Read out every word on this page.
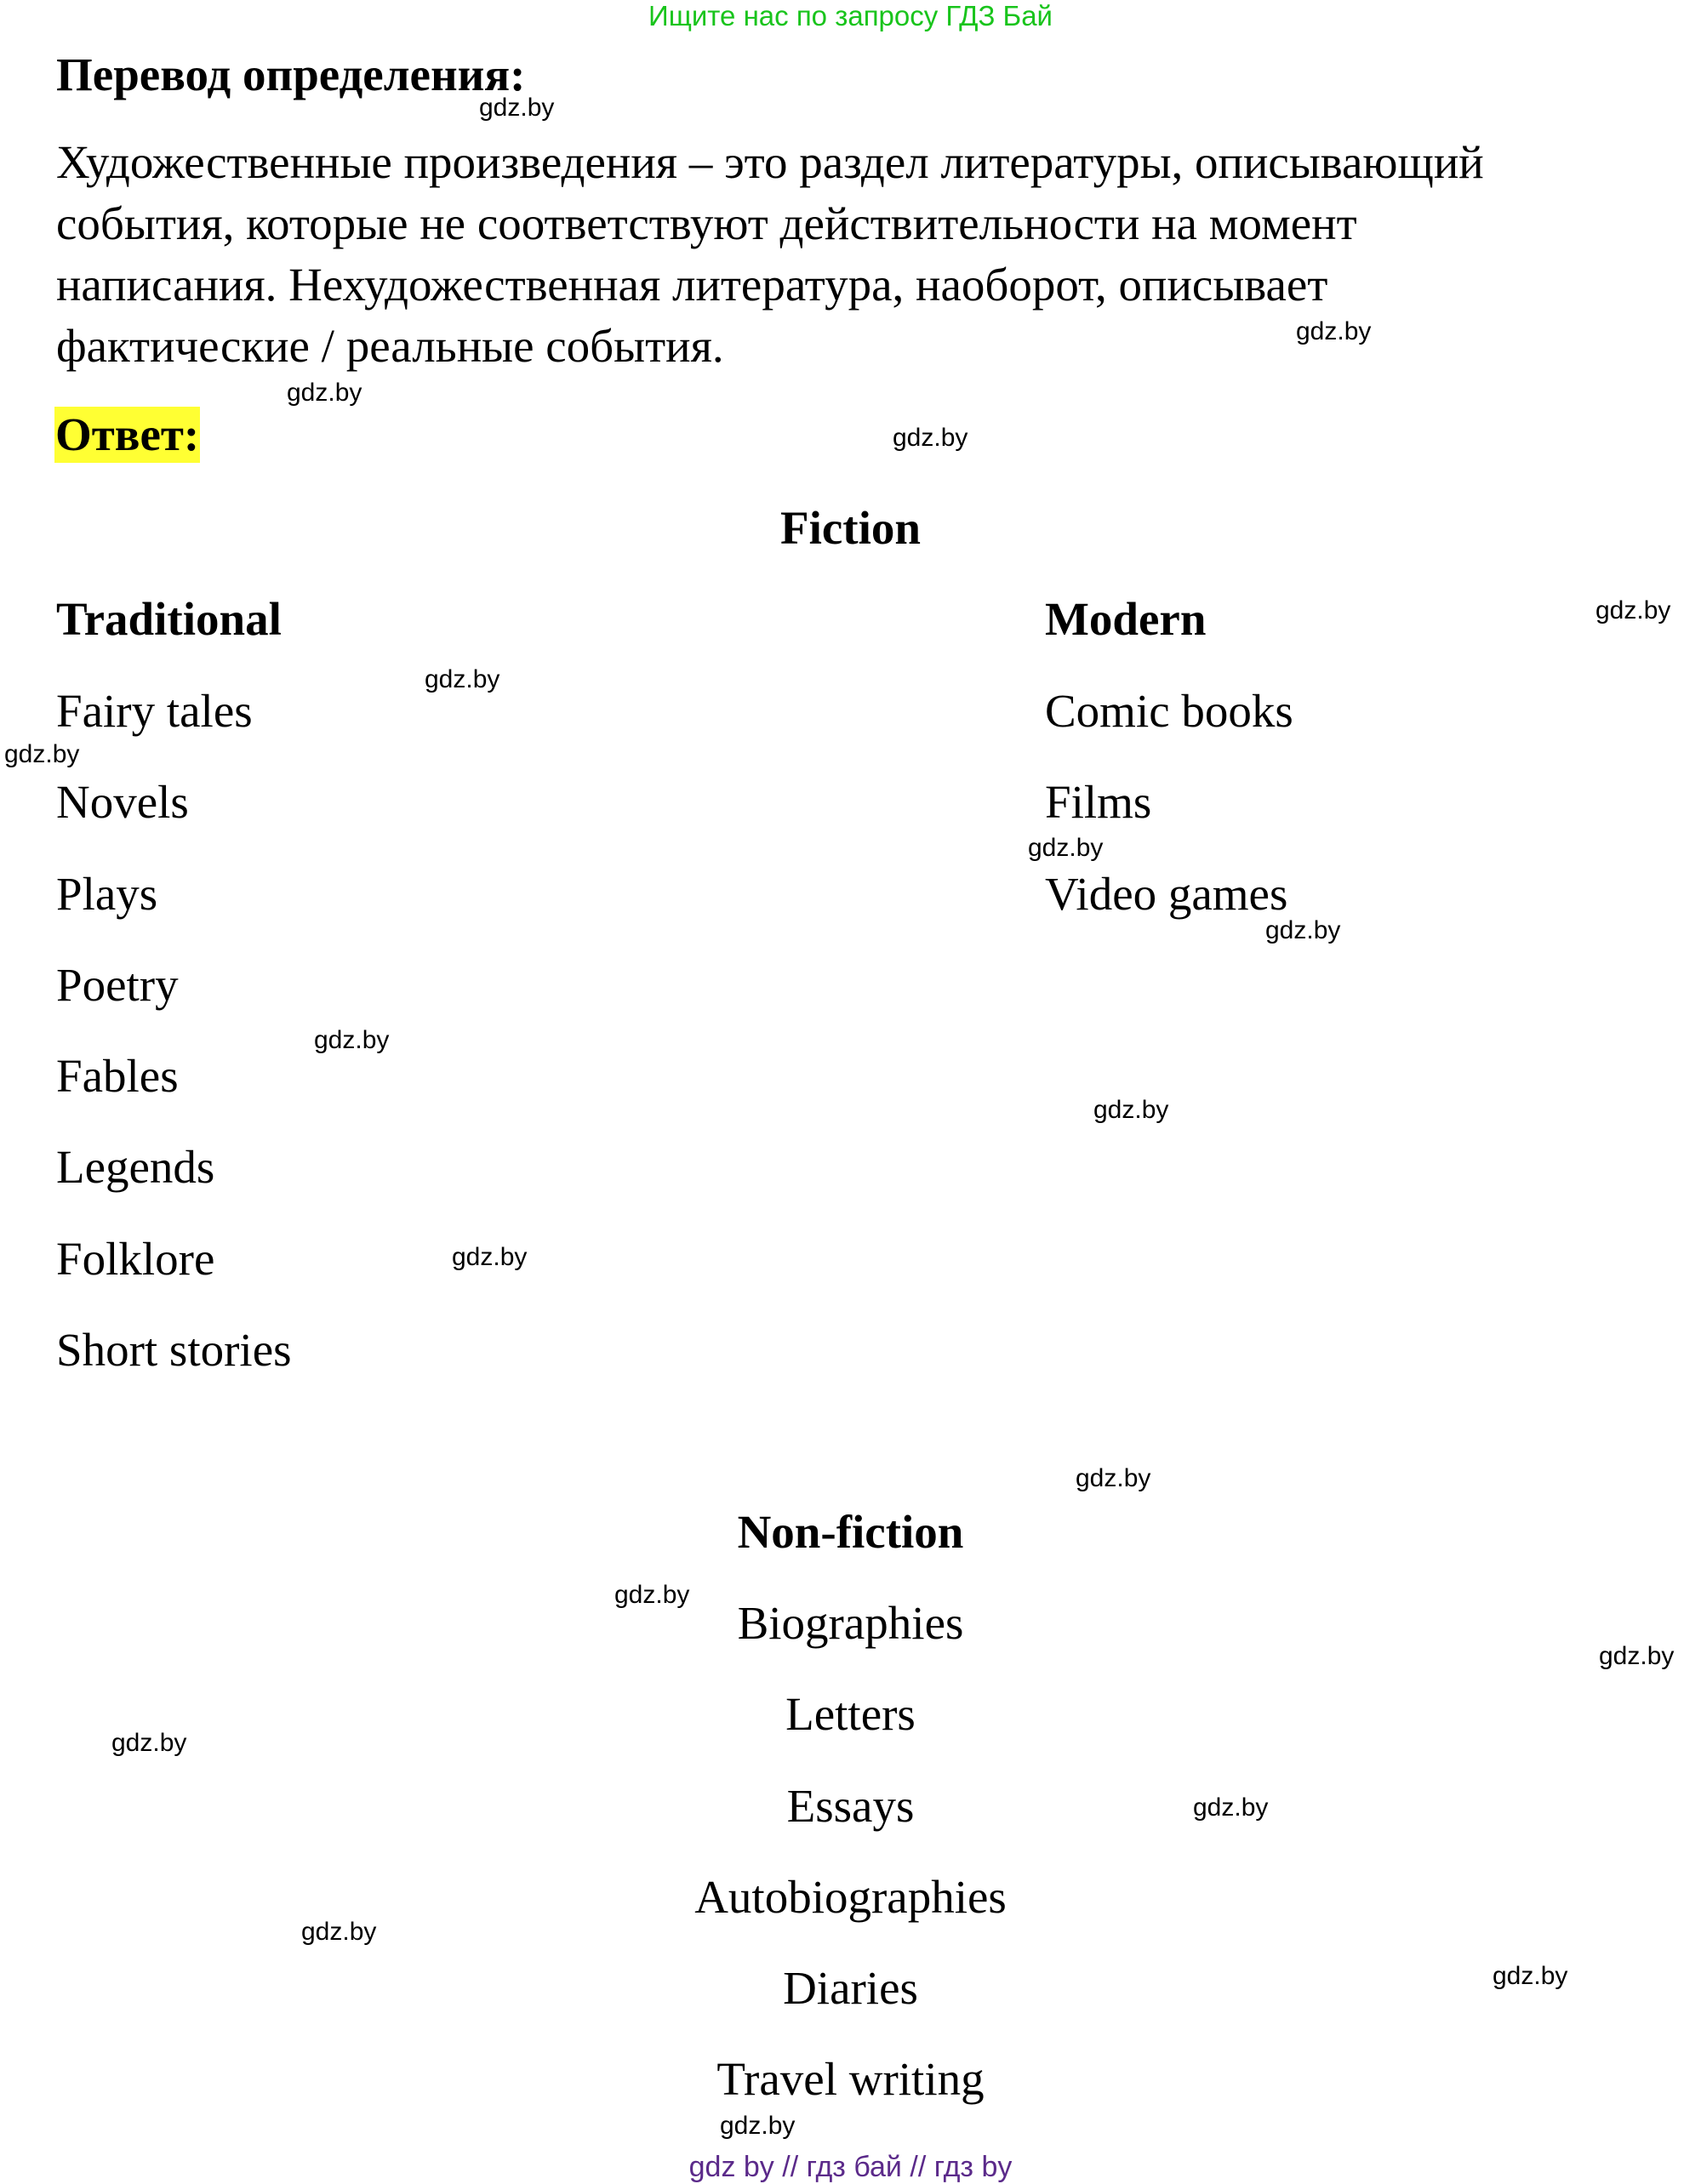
Ищите нас по запросу ГДЗ Бай
Перевод определения:
Художественные произведения – это раздел литературы, описывающий
события, которые не соответствуют действительности на момент
написания. Нехудожественная литература, наоборот, описывает
фактические / реальные события.
Ответ:
Fiction
Traditional	Modern
Fairy tales
Novels
Plays
Poetry
Fables
Legends
Folklore
Short stories
Comic books
Films
Video games
Non-fiction
Biographies
Letters
Essays
Autobiographies
Diaries
Travel writing
gdz.by
gdz.by
gdz.by
gdz.by
gdz.by
gdz.by
gdz.by
gdz.by
gdz.by
gdz.by
gdz.by
gdz.by
gdz.by
gdz.by
gdz.by
gdz.by
gdz.by
gdz.by
gdz.by
gdz.by
gdz by // гдз бай // гдз by
